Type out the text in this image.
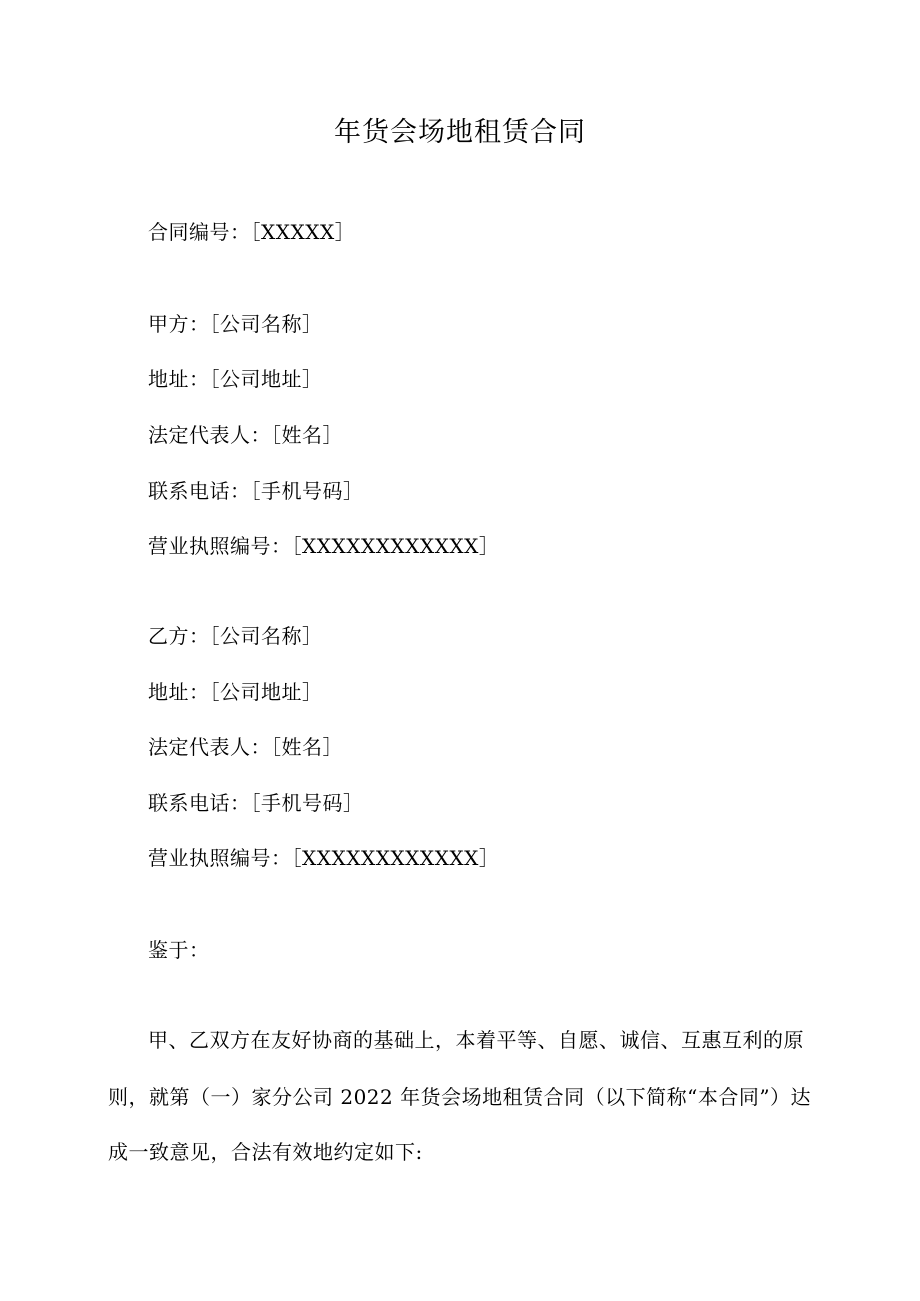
年货会场地租赁合同
合同编号：［XXXXX］
甲方：［公司名称］
地址：［公司地址］
法定代表人：［姓名］
联系电话：［手机号码］
营业执照编号：［XXXXXXXXXXXX］
乙方：［公司名称］
地址：［公司地址］
法定代表人：［姓名］
联系电话：［手机号码］
营业执照编号：［XXXXXXXXXXXX］
鉴于：
甲、乙双方在友好协商的基础上，本着平等、自愿、诚信、互惠互利的原
则，就第（一）家分公司 2022 年货会场地租赁合同（以下简称“本合同”）达
成一致意见，合法有效地约定如下:
